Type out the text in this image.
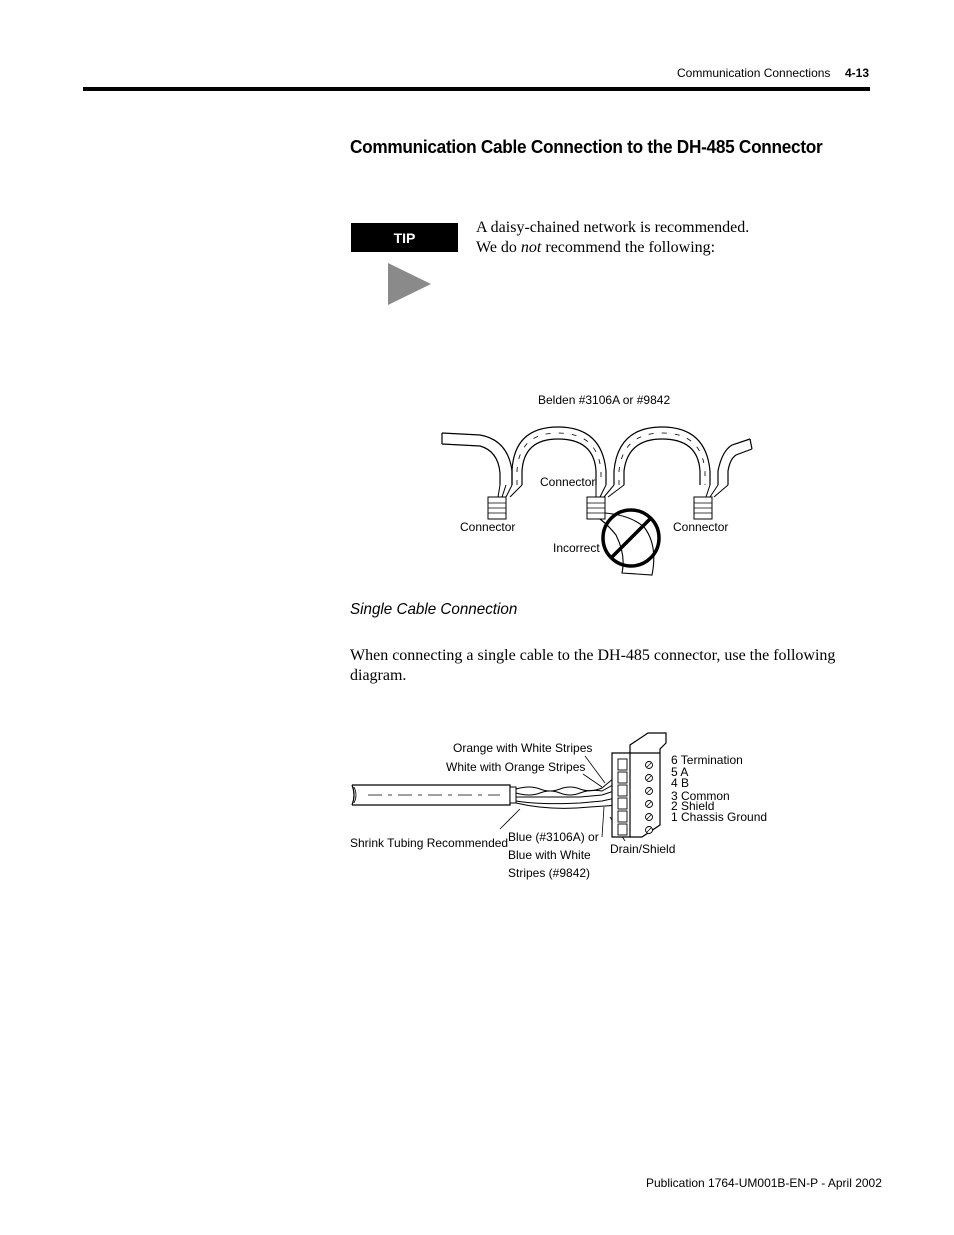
Communication Connections 4-13
Communication Cable Connection to the DH-485 Connector
TIP
A daisy-chained network is recommended.
We do not recommend the following:
Belden #3106A or #9842
Connector
Connector	Connector
Incorrect
Single Cable Connection
When connecting a single cable to the DH-485 connector, use the following diagram.
Orange with White Stripes
White with Orange Stripes	6 Termination
5 A
4 B
3 Common
2 Shield
1 Chassis Ground
Shrink Tubing Recommended Blue (#3106A) or
Blue with White
Stripes (#9842)
Drain/Shield
Publication 1764-UM001B-EN-P - April 2002
